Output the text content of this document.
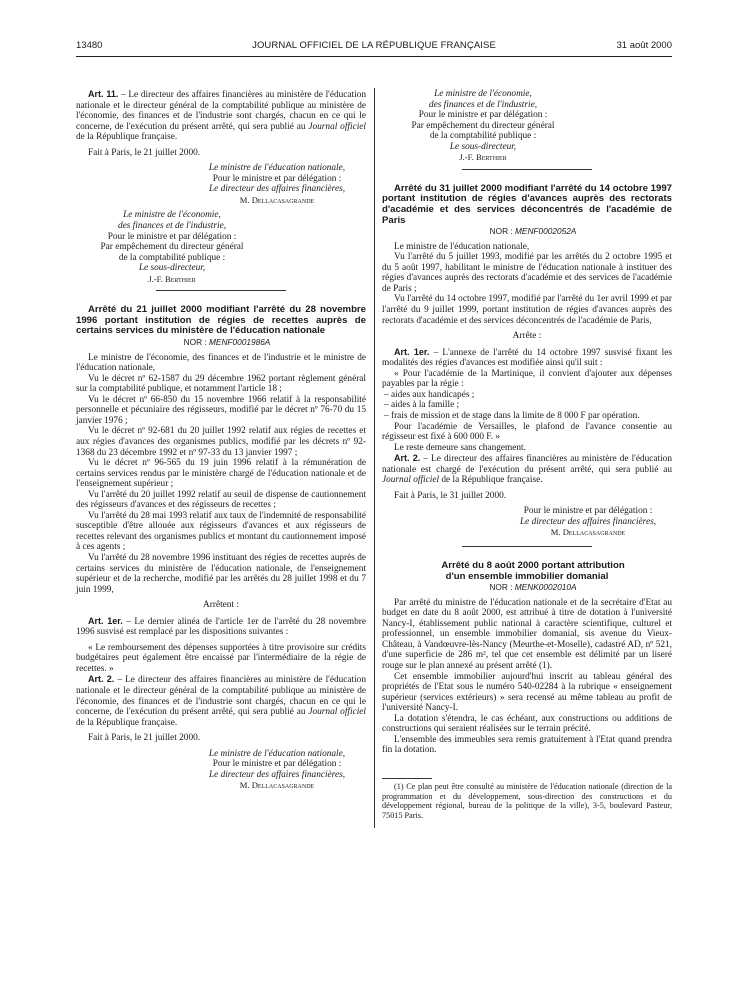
13480	JOURNAL OFFICIEL DE LA RÉPUBLIQUE FRANÇAISE	31 août 2000

Art. 11. – Le directeur des affaires financières au ministère de l'éducation nationale et le directeur général de la comptabilité publique au ministère de l'économie, des finances et de l'industrie sont chargés, chacun en ce qui le concerne, de l'exécution du présent arrêté, qui sera publié au Journal officiel de la République française.

Fait à Paris, le 21 juillet 2000.

Le ministre de l'éducation nationale,

Pour le ministre et par délégation :

Le directeur des affaires financières,

M. Dellacasagrande

Le ministre de l'économie,

des finances et de l'industrie,

Pour le ministre et par délégation :

Par empêchement du directeur général

de la comptabilité publique :

Le sous-directeur,

J.-F. Berthier

Arrêté du 21 juillet 2000 modifiant l'arrêté du 28 novembre 1996 portant institution de régies de recettes auprès de certains services du ministère de l'éducation nationale

NOR : MENF0001986A

Le ministre de l'économie, des finances et de l'industrie et le ministre de l'éducation nationale,

Vu le décret nº 62-1587 du 29 décembre 1962 portant règlement général sur la comptabilité publique, et notamment l'article 18 ;

Vu le décret nº 66-850 du 15 novembre 1966 relatif à la responsabilité personnelle et pécuniaire des régisseurs, modifié par le décret nº 76-70 du 15 janvier 1976 ;

Vu le décret nº 92-681 du 20 juillet 1992 relatif aux régies de recettes et aux régies d'avances des organismes publics, modifié par les décrets nº 92-1368 du 23 décembre 1992 et nº 97-33 du 13 janvier 1997 ;

Vu le décret nº 96-565 du 19 juin 1996 relatif à la rémunération de certains services rendus par le ministère chargé de l'éducation nationale et de l'enseignement supérieur ;

Vu l'arrêté du 20 juillet 1992 relatif au seuil de dispense de cautionnement des régisseurs d'avances et des régisseurs de recettes ;

Vu l'arrêté du 28 mai 1993 relatif aux taux de l'indemnité de responsabilité susceptible d'être allouée aux régisseurs d'avances et aux régisseurs de recettes relevant des organismes publics et montant du cautionnement imposé à ces agents ;

Vu l'arrêté du 28 novembre 1996 instituant des régies de recettes auprès de certains services du ministère de l'éducation nationale, de l'enseignement supérieur et de la recherche, modifié par les arrêtés du 28 juillet 1998 et du 7 juin 1999,

Arrêtent :

Art. 1er. – Le dernier alinéa de l'article 1er de l'arrêté du 28 novembre 1996 susvisé est remplacé par les dispositions suivantes :

« Le remboursement des dépenses supportées à titre provisoire sur crédits budgétaires peut également être encaissé par l'intermédiaire de la régie de recettes. »

Art. 2. – Le directeur des affaires financières au ministère de l'éducation nationale et le directeur général de la comptabilité publique au ministère de l'économie, des finances et de l'industrie sont chargés, chacun en ce qui le concerne, de l'exécution du présent arrêté, qui sera publié au Journal officiel de la République française.

Fait à Paris, le 21 juillet 2000.

Le ministre de l'éducation nationale,

Pour le ministre et par délégation :

Le directeur des affaires financières,

M. Dellacasagrande

Le ministre de l'économie,

des finances et de l'industrie,

Pour le ministre et par délégation :

Par empêchement du directeur général

de la comptabilité publique :

Le sous-directeur,

J.-F. Berthier

Arrêté du 31 juillet 2000 modifiant l'arrêté du 14 octobre 1997 portant institution de régies d'avances auprès des rectorats d'académie et des services déconcentrés de l'académie de Paris

NOR : MENF0002052A

Le ministre de l'éducation nationale,

Vu l'arrêté du 5 juillet 1993, modifié par les arrêtés du 2 octobre 1995 et du 5 août 1997, habilitant le ministre de l'éducation nationale à instituer des régies d'avances auprès des rectorats d'académie et des services de l'académie de Paris ;

Vu l'arrêté du 14 octobre 1997, modifié par l'arrêté du 1er avril 1999 et par l'arrêté du 9 juillet 1999, portant institution de régies d'avances auprès des rectorats d'académie et des services déconcentrés de l'académie de Paris,

Arrête :

Art. 1er. – L'annexe de l'arrêté du 14 octobre 1997 susvisé fixant les modalités des régies d'avances est modifiée ainsi qu'il suit :

« Pour l'académie de la Martinique, il convient d'ajouter aux dépenses payables par la régie :

– aides aux handicapés ;
– aides à la famille ;
– frais de mission et de stage dans la limite de 8 000 F par opération.

Pour l'académie de Versailles, le plafond de l'avance consentie au régisseur est fixé à 600 000 F. »

Le reste demeure sans changement.

Art. 2. – Le directeur des affaires financières au ministère de l'éducation nationale est chargé de l'exécution du présent arrêté, qui sera publié au Journal officiel de la République française.

Fait à Paris, le 31 juillet 2000.

Pour le ministre et par délégation :

Le directeur des affaires financières,

M. Dellacasagrande

Arrêté du 8 août 2000 portant attribution d'un ensemble immobilier domanial

NOR : MENK0002010A

Par arrêté du ministre de l'éducation nationale et de la secrétaire d'Etat au budget en date du 8 août 2000, est attribué à titre de dotation à l'université Nancy-I, établissement public national à caractère scientifique, culturel et professionnel, un ensemble immobilier domanial, sis avenue du Vieux-Château, à Vandœuvre-lès-Nancy (Meurthe-et-Moselle), cadastré AD, nº 521, d'une superficie de 286 m², tel que cet ensemble est délimité par un liseré rouge sur le plan annexé au présent arrêté (1).

Cet ensemble immobilier aujourd'hui inscrit au tableau général des propriétés de l'Etat sous le numéro 540-02284 à la rubrique « enseignement supérieur (services extérieurs) » sera recensé au même tableau au profit de l'université Nancy-I.

La dotation s'étendra, le cas échéant, aux constructions ou additions de constructions qui seraient réalisées sur le terrain précité.

L'ensemble des immeubles sera remis gratuitement à l'Etat quand prendra fin la dotation.

(1) Ce plan peut être consulté au ministère de l'éducation nationale (direction de la programmation et du développement, sous-direction des constructions et du développement régional, bureau de la politique de la ville), 3-5, boulevard Pasteur, 75015 Paris.
